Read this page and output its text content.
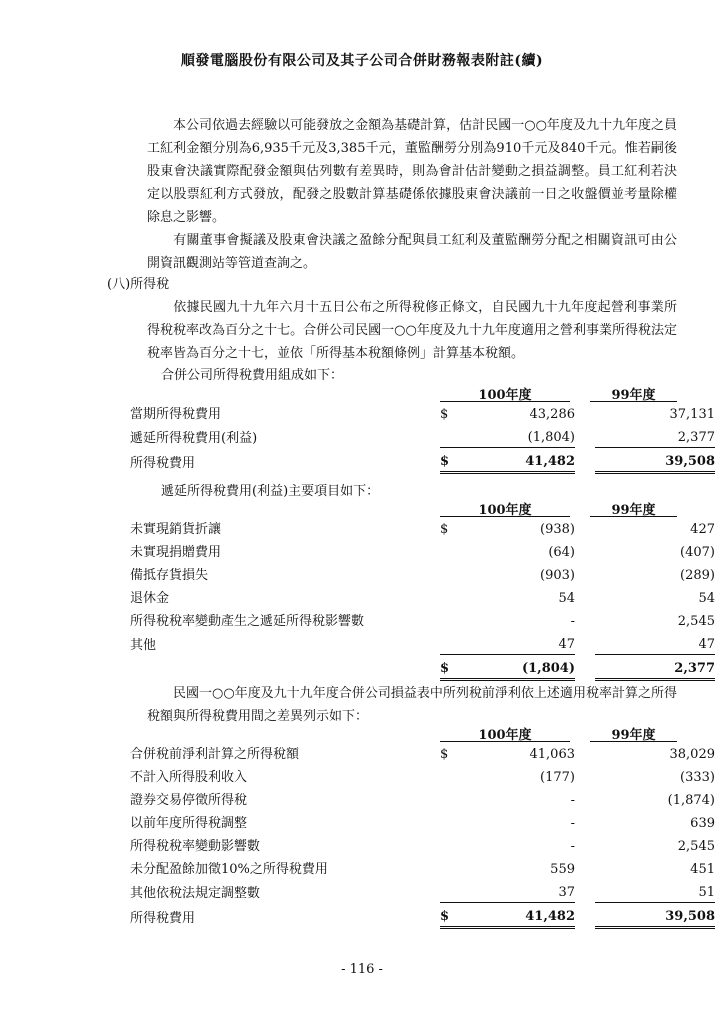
順發電腦股份有限公司及其子公司合併財務報表附註(續)

本公司依過去經驗以可能發放之金額為基礎計算，估計民國一○○年度及九十九年度之員工紅利金額分別為6,935千元及3,385千元，董監酬勞分別為910千元及840千元。惟若嗣後股東會決議實際配發金額與估列數有差異時，則為會計估計變動之損益調整。員工紅利若決定以股票紅利方式發放，配發之股數計算基礎係依據股東會決議前一日之收盤價並考量除權除息之影響。

有關董事會擬議及股東會決議之盈餘分配與員工紅利及董監酬勞分配之相關資訊可由公開資訊觀測站等管道查詢之。

(八)所得稅

依據民國九十九年六月十五日公布之所得稅修正條文，自民國九十九年度起營利事業所得稅稅率改為百分之十七。合併公司民國一○○年度及九十九年度適用之營利事業所得稅法定稅率皆為百分之十七，並依「所得基本稅額條例」計算基本稅額。

合併公司所得稅費用組成如下：
100年度	99年度
當期所得稅費用	$	43,286		37,131
遞延所得稅費用(利益)		(1,804)		2,377
所得稅費用	$	41,482		39,508
遞延所得稅費用(利益)主要項目如下：
100年度	99年度
未實現銷貨折讓	$	(938)		427
未實現捐贈費用		(64)		(407)
備抵存貨損失		(903)		(289)
退休金		54		54
所得稅稅率變動產生之遞延所得稅影響數		-		2,545
其他		47		47
	$	(1,804)		2,377

民國一○○年度及九十九年度合併公司損益表中所列稅前淨利依上述適用稅率計算之所得稅額與所得稅費用間之差異列示如下：

100年度	99年度
合併稅前淨利計算之所得稅額	$	41,063		38,029
不計入所得股利收入		(177)		(333)
證券交易停徵所得稅		-		(1,874)
以前年度所得稅調整		-		639
所得稅稅率變動影響數		-		2,545
未分配盈餘加徵10%之所得稅費用		559		451
其他依稅法規定調整數		37		51
所得稅費用	$	41,482		39,508
- 116 -
